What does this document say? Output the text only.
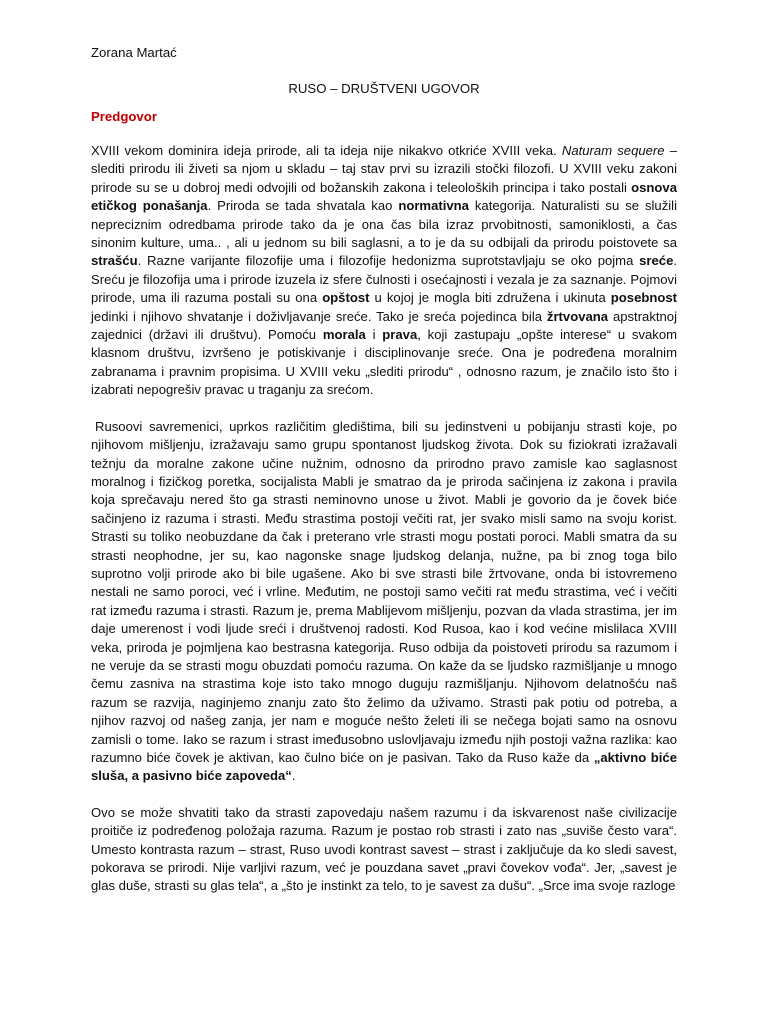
Zorana Martać
RUSO – DRUŠTVENI UGOVOR
Predgovor
XVIII vekom dominira ideja prirode, ali ta ideja nije nikakvo otkriće XVIII veka. Naturam sequere – slediti prirodu ili živeti sa njom u skladu – taj stav prvi su izrazili stočki filozofi. U XVIII veku zakoni prirode su se u dobroj medi odvojili od božanskih zakona i teleoloških principa i tako postali osnova etičkog ponašanja. Priroda se tada shvatala kao normativna kategorija. Naturalisti su se služili nepreciznim odredbama prirode tako da je ona čas bila izraz prvobitnosti, samoniklosti, a čas sinonim kulture, uma.. , ali u jednom su bili saglasni, a to je da su odbijali da prirodu poistovete sa strašću. Razne varijante filozofije uma i filozofije hedonizma suprotstavljaju se oko pojma sreće. Sreću je filozofija uma i prirode izuzela iz sfere čulnosti i osećajnosti i vezala je za saznanje. Pojmovi prirode, uma ili razuma postali su ona opštost u kojoj je mogla biti združena i ukinuta posebnost jedinki i njihovo shvatanje i doživljavanje sreće. Tako je sreća pojedinca bila žrtvovana apstraktnoj zajednici (državi ili društvu). Pomoću morala i prava, koji zastupaju „opšte interese“ u svakom klasnom društvu, izvršeno je potiskivanje i disciplinovanje sreće. Ona je podređena moralnim zabranama i pravnim propisima. U XVIII veku „slediti prirodu“ , odnosno razum, je značilo isto što i izabrati nepogrešiv pravac u traganju za srećom.
Rusoovi savremenici, uprkos različitim gledištima, bili su jedinstveni u pobijanju strasti koje, po njihovom mišljenju, izražavaju samo grupu spontanost ljudskog života. Dok su fiziokrati izražavali težnju da moralne zakone učine nužnim, odnosno da prirodno pravo zamisle kao saglasnost moralnog i fizičkog poretka, socijalista Mabli je smatrao da je priroda sačinjena iz zakona i pravila koja sprečavaju nered što ga strasti neminovno unose u život. Mabli je govorio da je čovek biće sačinjeno iz razuma i strasti. Među strastima postoji večiti rat, jer svako misli samo na svoju korist. Strasti su toliko neobuzdane da čak i preterano vrle strasti mogu postati poroci. Mabli smatra da su strasti neophodne, jer su, kao nagonske snage ljudskog delanja, nužne, pa bi znog toga bilo suprotno volji prirode ako bi bile ugašene. Ako bi sve strasti bile žrtvovane, onda bi istovremeno nestali ne samo poroci, već i vrline. Međutim, ne postoji samo večiti rat među strastima, već i večiti rat između razuma i strasti. Razum je, prema Mablijevom mišljenju, pozvan da vlada strastima, jer im daje umerenost i vodi ljude sreći i društvenoj radosti. Kod Rusoa, kao i kod većine mislilaca XVIII veka, priroda je pojmljena kao bestrasna kategorija. Ruso odbija da poistoveti prirodu sa razumom i ne veruje da se strasti mogu obuzdati pomoću razuma. On kaže da se ljudsko razmišljanje u mnogo čemu zasniva na strastima koje isto tako mnogo duguju razmišljanju. Njihovom delatnošću naš razum se razvija, naginjemo znanju zato što želimo da uživamo. Strasti pak potiu od potreba, a njihov razvoj od našeg zanja, jer nam e moguće nešto želeti ili se nečega bojati samo na osnovu zamisli o tome. Iako se razum i strast imeđusobno uslovljavaju između njih postoji važna razlika: kao razumno biće čovek je aktivan, kao čulno biće on je pasivan. Tako da Ruso kaže da „aktivno biće sluša, a pasivno biće zapoveda“.
Ovo se može shvatiti tako da strasti zapovedaju našem razumu i da iskvarenost naše civilizacije proitiče iz podređenog položaja razuma. Razum je postao rob strasti i zato nas „suviše često vara“. Umesto kontrasta razum – strast, Ruso uvodi kontrast savest – strast i zaključuje da ko sledi savest, pokorava se prirodi. Nije varljivi razum, već je pouzdana savet „pravi čovekov vođa“. Jer, „savest je glas duše, strasti su glas tela“, a „što je instinkt za telo, to je savest za dušu“. „Srce ima svoje razloge
